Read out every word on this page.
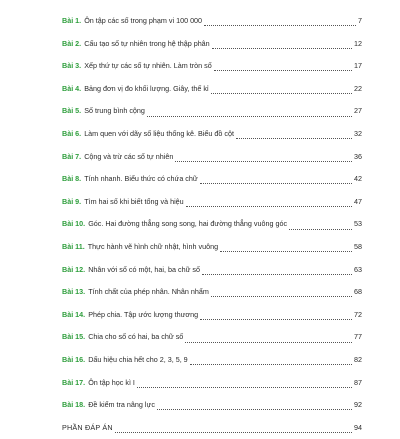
Bài 1. Ôn tập các số trong phạm vi 100 000	7
Bài 2. Cấu tạo số tự nhiên trong hệ thập phân	12
Bài 3. Xếp thứ tự các số tự nhiên. Làm tròn số	17
Bài 4. Bảng đơn vị đo khối lượng. Giây, thế kỉ	22
Bài 5. Số trung bình cộng	27
Bài 6. Làm quen với dãy số liệu thống kê. Biểu đồ cột	32
Bài 7. Cộng và trừ các số tự nhiên	36
Bài 8. Tính nhanh. Biểu thức có chứa chữ	42
Bài 9. Tìm hai số khi biết tổng và hiệu	47
Bài 10. Góc. Hai đường thẳng song song, hai đường thẳng vuông góc	53
Bài 11. Thực hành vẽ hình chữ nhật, hình vuông	58
Bài 12. Nhân với số có một, hai, ba chữ số	63
Bài 13. Tính chất của phép nhân. Nhân nhẩm	68
Bài 14. Phép chia. Tập ước lượng thương	72
Bài 15. Chia cho số có hai, ba chữ số	77
Bài 16. Dấu hiệu chia hết cho 2, 3, 5, 9	82
Bài 17. Ôn tập học kì I	87
Bài 18. Đề kiểm tra nâng lực	92
PHẦN ĐÁP ÁN	94
